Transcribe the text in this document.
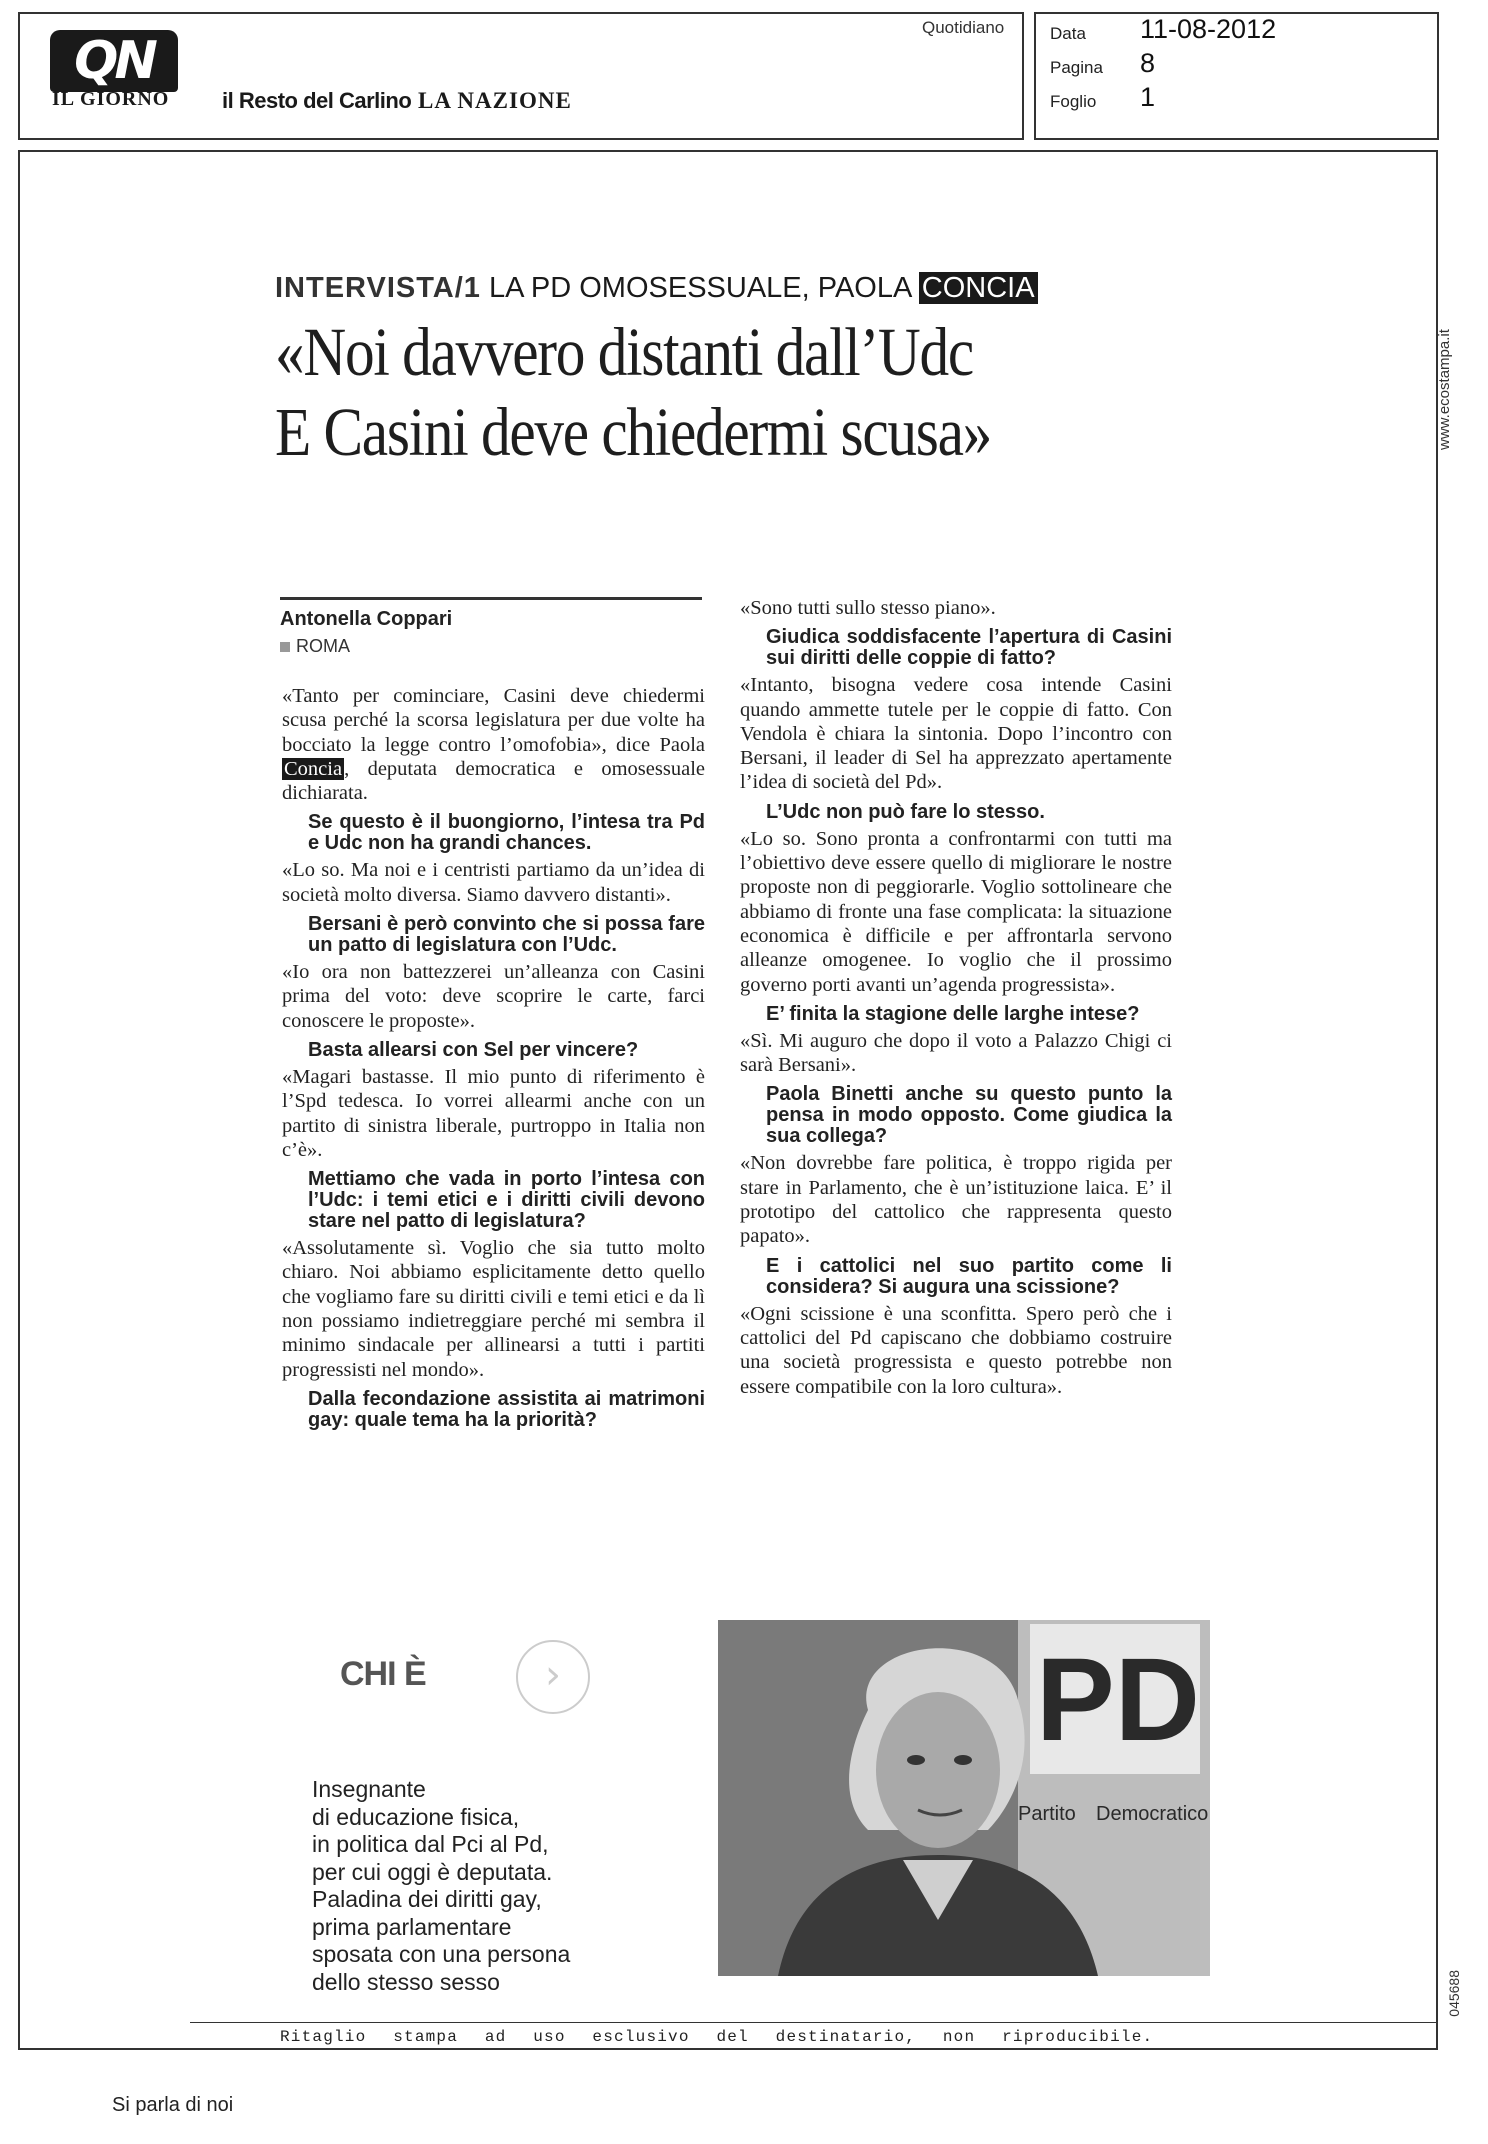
QN
IL GIORNO il Resto del Carlino LA NAZIONE
Quotidiano	Data 11-08-2012
Pagina 8
Foglio 1
www.ecostampa.it
045688
INTERVISTA/1 LA PD OMOSESSUALE, PAOLA CONCIA
«Noi davvero distanti dall’Udc
E Casini deve chiedermi scusa»
Antonella Coppari
ROMA

«Tanto per cominciare, Casini deve chiedermi scusa perché la scorsa legislatura per due volte ha bocciato la legge contro l’omofobia», dice Paola Concia, deputata democratica e omosessuale dichiarata.

Se questo è il buongiorno, l’intesa tra Pd e Udc non ha grandi chances.

«Lo so. Ma noi e i centristi partiamo da un’idea di società molto diversa. Siamo davvero distanti».

Bersani è però convinto che si possa fare un patto di legislatura con l’Udc.

«Io ora non battezzerei un’alleanza con Casini prima del voto: deve scoprire le carte, farci conoscere le proposte».

Basta allearsi con Sel per vincere?

«Magari bastasse. Il mio punto di riferimento è l’Spd tedesca. Io vorrei allearmi anche con un partito di sinistra liberale, purtroppo in Italia non c’è».

Mettiamo che vada in porto l’intesa con l’Udc: i temi etici e i diritti civili devono stare nel patto di legislatura?

«Assolutamente sì. Voglio che sia tutto molto chiaro. Noi abbiamo esplicitamente detto quello che vogliamo fare su diritti civili e temi etici e da lì non possiamo indietreggiare perché mi sembra il minimo sindacale per allinearsi a tutti i partiti progressisti nel mondo».

Dalla fecondazione assistita ai matrimoni gay: quale tema ha la priorità?

«Sono tutti sullo stesso piano».

Giudica soddisfacente l’apertura di Casini sui diritti delle coppie di fatto?

«Intanto, bisogna vedere cosa intende Casini quando ammette tutele per le coppie di fatto. Con Vendola è chiara la sintonia. Dopo l’incontro con Bersani, il leader di Sel ha apprezzato apertamente l’idea di società del Pd».

L’Udc non può fare lo stesso.

«Lo so. Sono pronta a confrontarmi con tutti ma l’obiettivo deve essere quello di migliorare le nostre proposte non di peggiorarle. Voglio sottolineare che abbiamo di fronte una fase complicata: la situazione economica è difficile e per affrontarla servono alleanze omogenee. Io voglio che il prossimo governo porti avanti un’agenda progressista».

E’ finita la stagione delle larghe intese?

«Sì. Mi auguro che dopo il voto a Palazzo Chigi ci sarà Bersani».

Paola Binetti anche su questo punto la pensa in modo opposto. Come giudica la sua collega?

«Non dovrebbe fare politica, è troppo rigida per stare in Parlamento, che è un’istituzione laica. E’ il prototipo del cattolico che rappresenta questo papato».

E i cattolici nel suo partito come li considera? Si augura una scissione?

«Ogni scissione è una sconfitta. Spero però che i cattolici del Pd capiscano che dobbiamo costruire una società progressista e questo potrebbe non essere compatibile con la loro cultura».

CHI È	›
Insegnante
di educazione fisica,
in politica dal Pci al Pd,
per cui oggi è deputata.
Paladina dei diritti gay,
prima parlamentare
sposata con una persona
dello stesso sesso
PD
Partito Democratico
Ritaglio stampa ad uso esclusivo del destinatario, non riproducibile.
Si parla di noi
